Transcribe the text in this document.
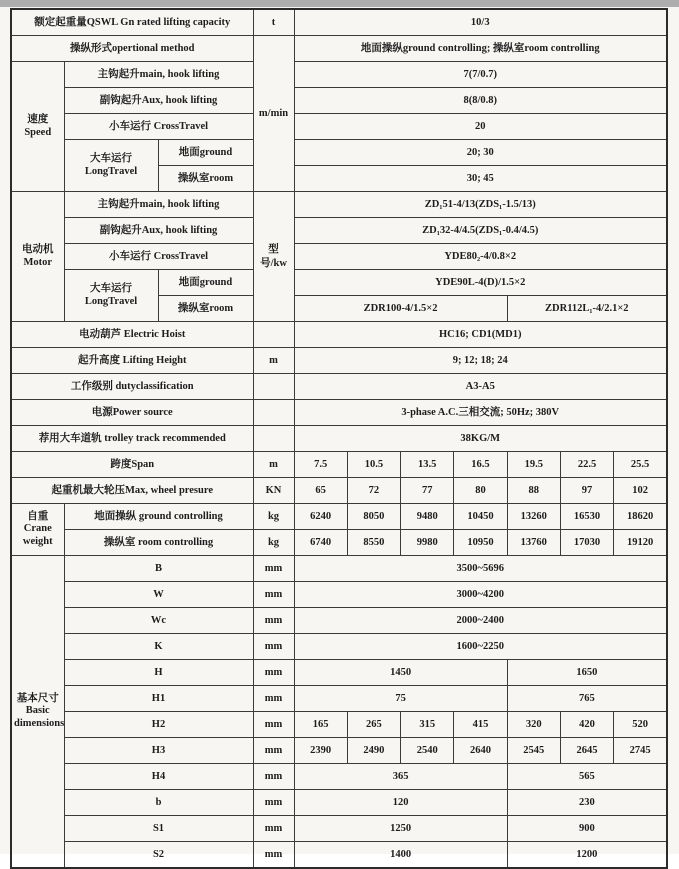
额定起重量QSWL Gn rated lifting capacity			t	10/3						
操纵形式opertional method			m/min	地面操纵ground controlling; 操纵室room controlling						

速度
Speed	主钩起升main, hook lifting			7(7/0.7)						
	副钩起升Aux, hook lifting			8(8/0.8)						
	小车运行 CrossTravel			20						

	大车运行
LongTravel	地面ground		20; 30						
		操纵室room		30; 45						

电动机
Motor	主钩起升main, hook lifting		型号/kw	ZD₁51-4/13(ZDS₁-1.5/13)						
	副钩起升Aux, hook lifting			ZD₁32-4/4.5(ZDS₁-0.4/4.5)						
	小车运行 CrossTravel			YDE80₂-4/0.8×2						

	大车运行
LongTravel	地面ground		YDE90L-4(D)/1.5×2						
		操纵室room		ZDR100-4/1.5×2				ZDR112L₁-4/2.1×2		
电动葫芦 Electric Hoist				HC16; CD1(MD1)						
起升高度 Lifting Height			m	9; 12; 18; 24						
工作级别 dutyclassification				A3-A5						
电源Power source				3-phase A.C.三相交流; 50Hz; 380V						
荐用大车道轨 trolley track recommended				38KG/M						
跨度Span			m	7.5	10.5	13.5	16.5	19.5	22.5	25.5
起重机最大轮压Max, wheel presure			KN	65	72	77	80	88	97	102

自重
Crane
weight	地面操纵 ground controlling		kg	6240	8050	9480	10450	13260	16530	18620
	操纵室 room controlling		kg	6740	8550	9980	10950	13760	17030	19120

基本尺寸
Basic
dimensions	B		mm	3500~5696						
	W		mm	3000~4200						
	Wc		mm	2000~2400						
	K		mm	1600~2250						
	H		mm	1450				1650		
	H1		mm	75				765		
	H2		mm	165	265	315	415	320	420	520
	H3		mm	2390	2490	2540	2640	2545	2645	2745
	H4		mm	365				565		
	b		mm	120				230		
	S1		mm	1250				900		
	S2		mm	1400				1200		
